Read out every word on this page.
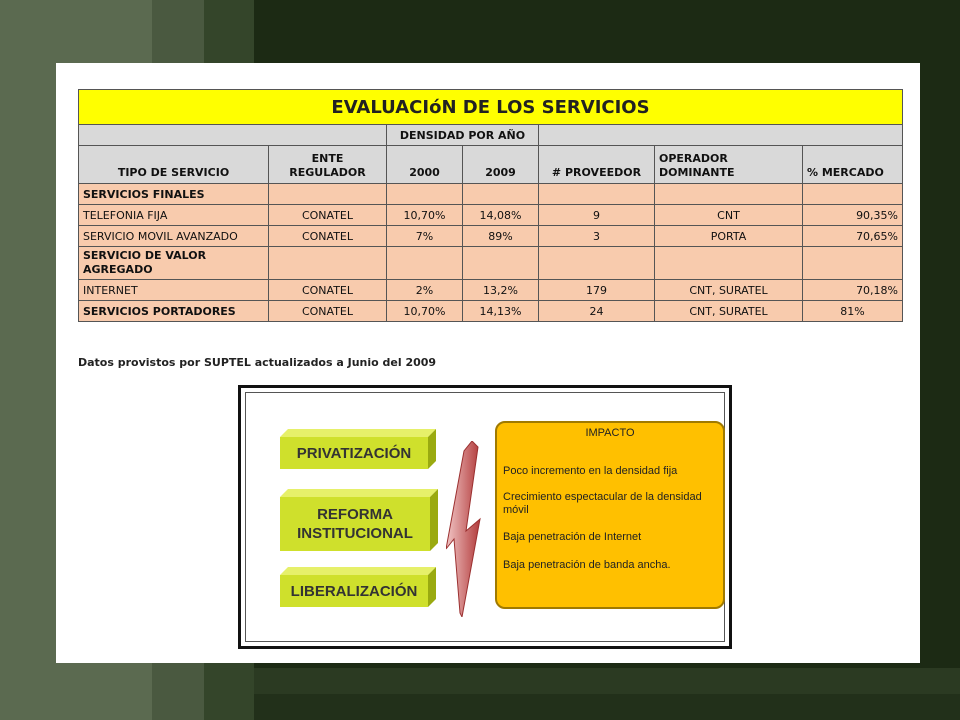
EVALUACIóN DE LOS SERVICIOS						
		DENSIDAD POR AÑO				
TIPO DE SERVICIO	ENTE REGULADOR	2000	2009	# PROVEEDOR	OPERADOR DOMINANTE	% MERCADO
SERVICIOS FINALES						
TELEFONIA FIJA	CONATEL	10,70%	14,08%	9	CNT	90,35%
SERVICIO MOVIL AVANZADO	CONATEL	7%	89%	3	PORTA	70,65%
SERVICIO DE VALOR AGREGADO						
INTERNET	CONATEL	2%	13,2%	179	CNT, SURATEL	70,18%
SERVICIOS PORTADORES	CONATEL	10,70%	14,13%	24	CNT, SURATEL	81%
Datos provistos por SUPTEL actualizados a Junio del 2009
PRIVATIZACIÓN
REFORMA INSTITUCIONAL
LIBERALIZACIÓN
IMPACTO
Poco incremento en la densidad fija
Crecimiento espectacular de la densidad móvil
Baja penetración de Internet
Baja penetración de banda ancha.
